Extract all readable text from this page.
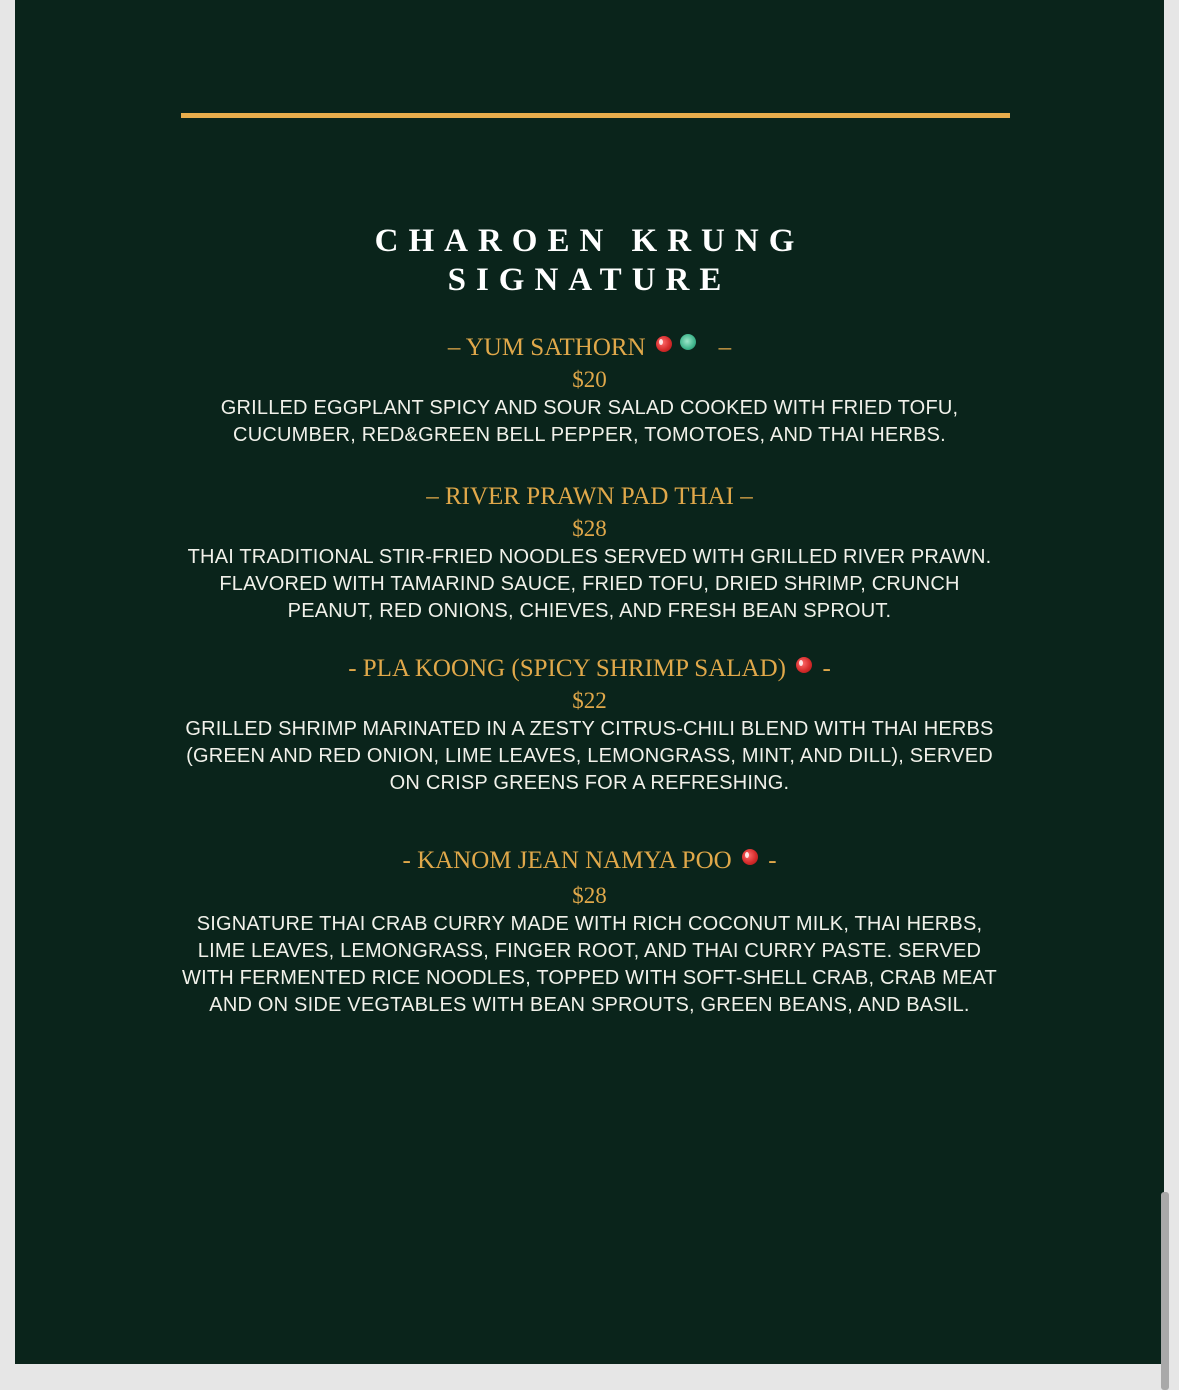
CHAROEN KRUNG
SIGNATURE
– YUM SATHORN	–
$20
GRILLED EGGPLANT SPICY AND SOUR SALAD COOKED WITH FRIED TOFU, CUCUMBER, RED&GREEN BELL PEPPER, TOMOTOES, AND THAI HERBS.
– RIVER PRAWN PAD THAI –
$28
THAI TRADITIONAL STIR-FRIED NOODLES SERVED WITH GRILLED RIVER PRAWN. FLAVORED WITH TAMARIND SAUCE, FRIED TOFU, DRIED SHRIMP, CRUNCH PEANUT, RED ONIONS, CHIEVES, AND FRESH BEAN SPROUT.
- PLA KOONG (SPICY SHRIMP SALAD)  -
$22
GRILLED SHRIMP MARINATED IN A ZESTY CITRUS-CHILI BLEND WITH THAI HERBS (GREEN AND RED ONION, LIME LEAVES, LEMONGRASS, MINT, AND DILL), SERVED ON CRISP GREENS FOR A REFRESHING.
- KANOM JEAN NAMYA POO  -
$28
SIGNATURE THAI CRAB CURRY MADE WITH RICH COCONUT MILK, THAI HERBS, LIME LEAVES, LEMONGRASS, FINGER ROOT, AND THAI CURRY PASTE. SERVED WITH FERMENTED RICE NOODLES, TOPPED WITH SOFT-SHELL CRAB, CRAB MEAT AND ON SIDE VEGTABLES WITH BEAN SPROUTS, GREEN BEANS, AND BASIL.
